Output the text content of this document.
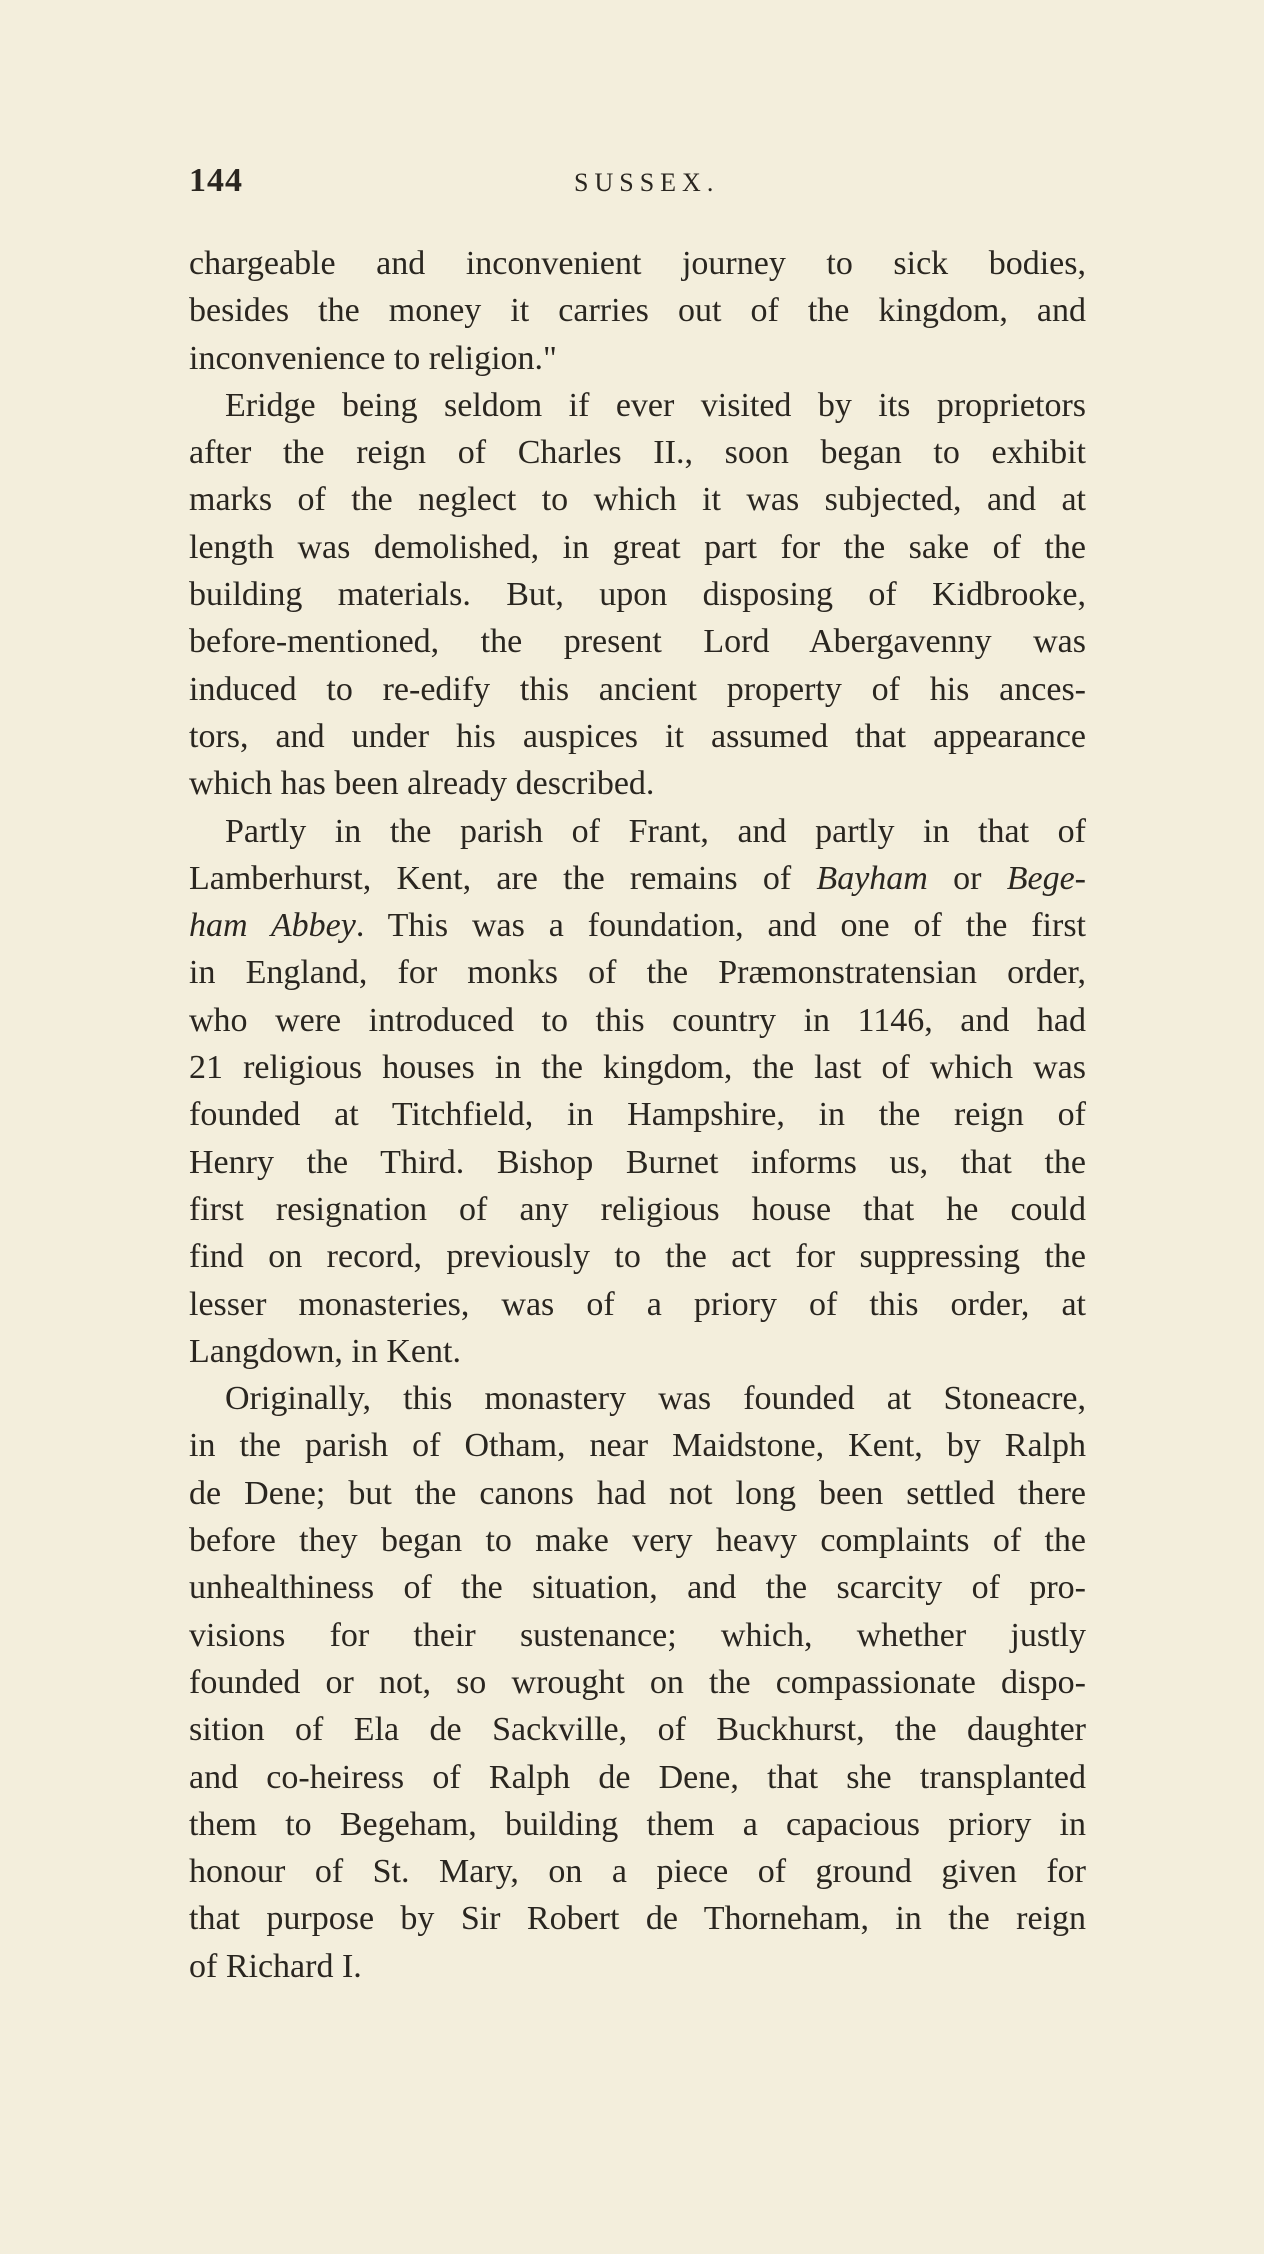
144	SUSSEX.
chargeable and inconvenient journey to sick bodies,
besides the money it carries out of the kingdom, and
inconvenience to religion."
Eridge being seldom if ever visited by its proprietors
after the reign of Charles II., soon began to exhibit
marks of the neglect to which it was subjected, and at
length was demolished, in great part for the sake of the
building materials. But, upon disposing of Kidbrooke,
before-mentioned, the present Lord Abergavenny was
induced to re-edify this ancient property of his ances-
tors, and under his auspices it assumed that appearance
which has been already described.
Partly in the parish of Frant, and partly in that of
Lamberhurst, Kent, are the remains of Bayham or Bege-
ham Abbey. This was a foundation, and one of the first
in England, for monks of the Præmonstratensian order,
who were introduced to this country in 1146, and had
21 religious houses in the kingdom, the last of which was
founded at Titchfield, in Hampshire, in the reign of
Henry the Third. Bishop Burnet informs us, that the
first resignation of any religious house that he could
find on record, previously to the act for suppressing the
lesser monasteries, was of a priory of this order, at
Langdown, in Kent.
Originally, this monastery was founded at Stoneacre,
in the parish of Otham, near Maidstone, Kent, by Ralph
de Dene; but the canons had not long been settled there
before they began to make very heavy complaints of the
unhealthiness of the situation, and the scarcity of pro-
visions for their sustenance; which, whether justly
founded or not, so wrought on the compassionate dispo-
sition of Ela de Sackville, of Buckhurst, the daughter
and co-heiress of Ralph de Dene, that she transplanted
them to Begeham, building them a capacious priory in
honour of St. Mary, on a piece of ground given for
that purpose by Sir Robert de Thorneham, in the reign
of Richard I.
